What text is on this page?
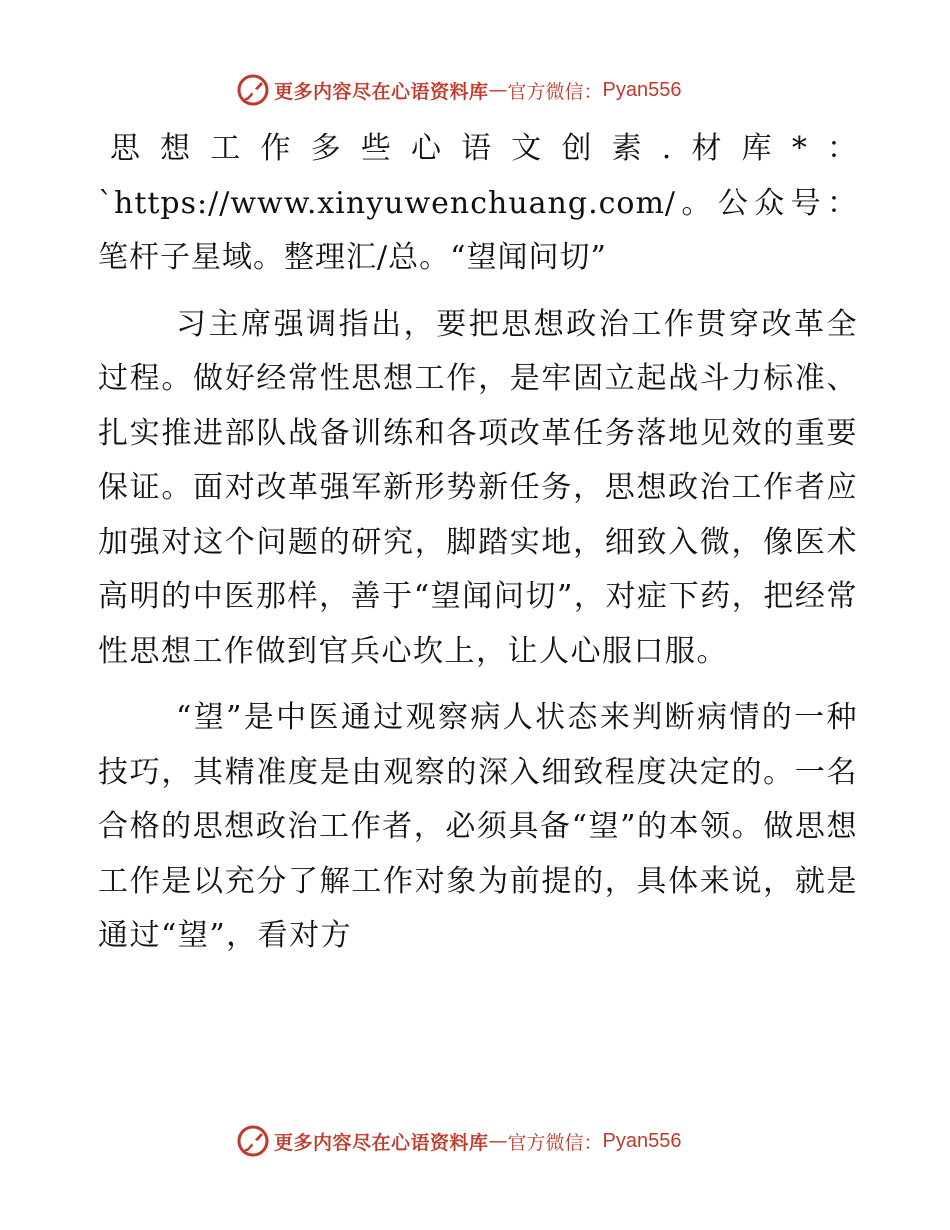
更多内容尽在心语资料库 — 官方微信： Pyan556

思想工作多些心语文创素.材库*：`https://www.xinyuwenchuang.com/。公众号：笔杆子星域。整理汇/总。“望闻问切”

习主席强调指出，要把思想政治工作贯穿改革全过程。做好经常性思想工作，是牢固立起战斗力标准、扎实推进部队战备训练和各项改革任务落地见效的重要保证。面对改革强军新形势新任务，思想政治工作者应加强对这个问题的研究，脚踏实地，细致入微，像医术高明的中医那样，善于“望闻问切”，对症下药，把经常性思想工作做到官兵心坎上，让人心服口服。

“望”是中医通过观察病人状态来判断病情的一种技巧，其精准度是由观察的深入细致程度决定的。一名合格的思想政治工作者，必须具备“望”的本领。做思想工作是以充分了解工作对象为前提的，具体来说，就是通过“望”，看对方

更多内容尽在心语资料库 — 官方微信： Pyan556
